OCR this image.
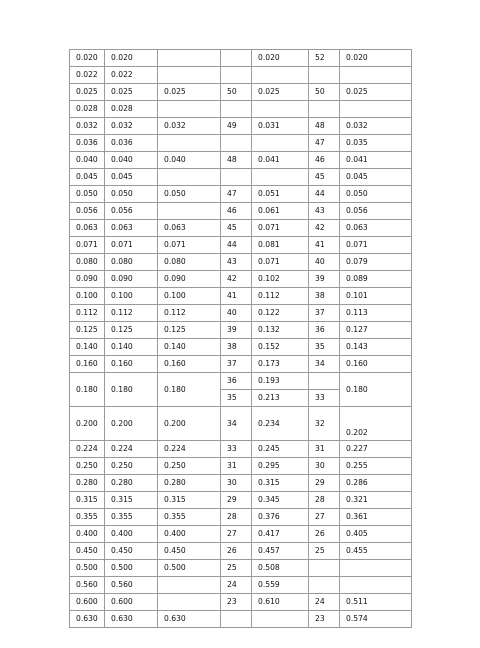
0.020	0.020			0.020	52	0.020
0.022	0.022					
0.025	0.025	0.025	50	0.025	50	0.025
0.028	0.028					
0.032	0.032	0.032	49	0.031	48	0.032
0.036	0.036				47	0.035
0.040	0.040	0.040	48	0.041	46	0.041
0.045	0.045				45	0.045
0.050	0.050	0.050	47	0.051	44	0.050
0.056	0.056		46	0.061	43	0.056
0.063	0.063	0.063	45	0.071	42	0.063
0.071	0.071	0.071	44	0.081	41	0.071
0.080	0.080	0.080	43	0.071	40	0.079
0.090	0.090	0.090	42	0.102	39	0.089
0.100	0.100	0.100	41	0.112	38	0.101
0.112	0.112	0.112	40	0.122	37	0.113
0.125	0.125	0.125	39	0.132	36	0.127
0.140	0.140	0.140	38	0.152	35	0.143
0.160	0.160	0.160	37	0.173	34	0.160
0.180	0.180	0.180	36	0.193		0.180
			35	0.213	33	
0.200	0.200	0.200	34	0.234	32	0.202
0.224	0.224	0.224	33	0.245	31	0.227
0.250	0.250	0.250	31	0.295	30	0.255
0.280	0.280	0.280	30	0.315	29	0.286
0.315	0.315	0.315	29	0.345	28	0.321
0.355	0.355	0.355	28	0.376	27	0.361
0.400	0.400	0.400	27	0.417	26	0.405
0.450	0.450	0.450	26	0.457	25	0.455
0.500	0.500	0.500	25	0.508		
0.560	0.560		24	0.559		
0.600	0.600		23	0.610	24	0.511
0.630	0.630	0.630			23	0.574
